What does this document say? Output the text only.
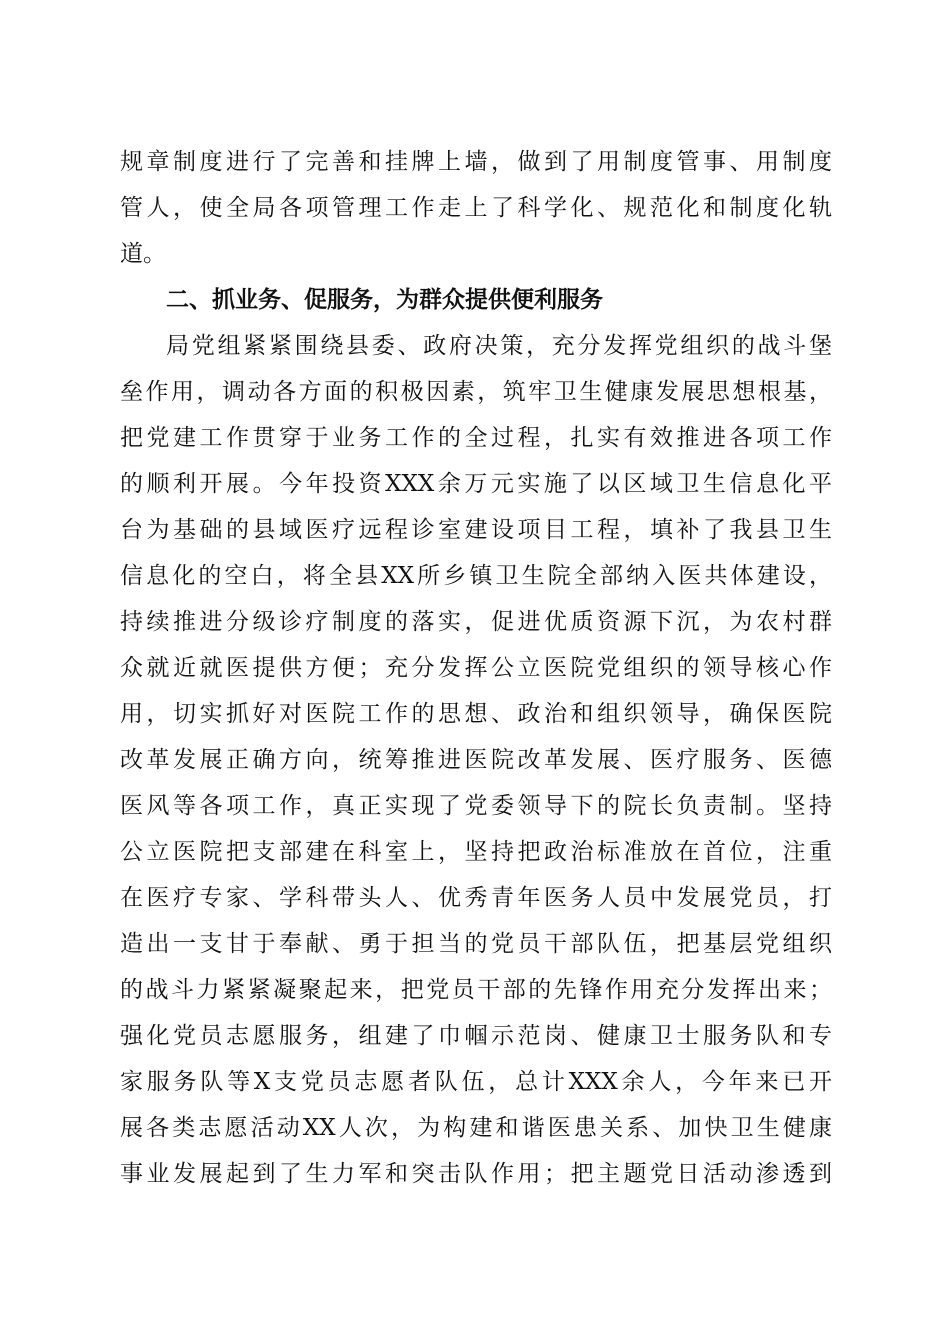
规章制度进行了完善和挂牌上墙，做到了用制度管事、用制度
管人，使全局各项管理工作走上了科学化、规范化和制度化轨
道。
二、抓业务、促服务，为群众提供便利服务
局党组紧紧围绕县委、政府决策，充分发挥党组织的战斗堡
垒作用，调动各方面的积极因素，筑牢卫生健康发展思想根基，
把党建工作贯穿于业务工作的全过程，扎实有效推进各项工作
的顺利开展。今年投资XXX余万元实施了以区域卫生信息化平
台为基础的县域医疗远程诊室建设项目工程，填补了我县卫生
信息化的空白，将全县XX所乡镇卫生院全部纳入医共体建设，
持续推进分级诊疗制度的落实，促进优质资源下沉，为农村群
众就近就医提供方便；充分发挥公立医院党组织的领导核心作
用，切实抓好对医院工作的思想、政治和组织领导，确保医院
改革发展正确方向，统筹推进医院改革发展、医疗服务、医德
医风等各项工作，真正实现了党委领导下的院长负责制。坚持
公立医院把支部建在科室上，坚持把政治标准放在首位，注重
在医疗专家、学科带头人、优秀青年医务人员中发展党员，打
造出一支甘于奉献、勇于担当的党员干部队伍，把基层党组织
的战斗力紧紧凝聚起来，把党员干部的先锋作用充分发挥出来；
强化党员志愿服务，组建了巾帼示范岗、健康卫士服务队和专
家服务队等X支党员志愿者队伍，总计XXX余人，今年来已开
展各类志愿活动XX人次，为构建和谐医患关系、加快卫生健康
事业发展起到了生力军和突击队作用；把主题党日活动渗透到
